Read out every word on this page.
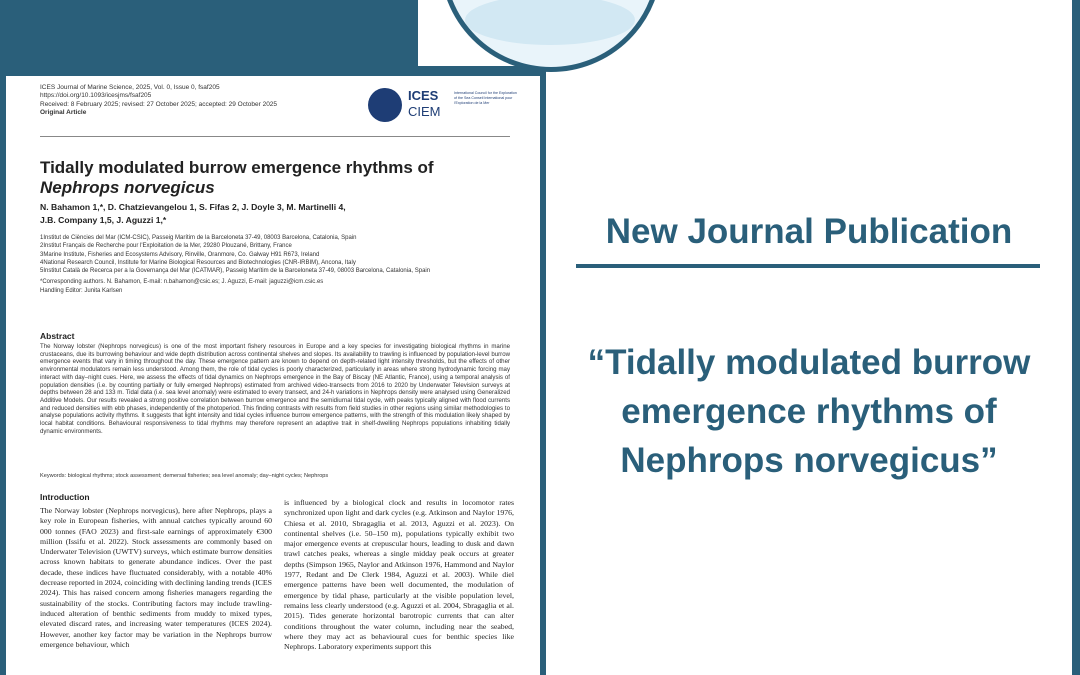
ICES Journal of Marine Science, 2025, Vol. 0, Issue 0, fsaf205
https://doi.org/10.1093/icesjms/fsaf205
Received: 8 February 2025; revised: 27 October 2025; accepted: 29 October 2025
Original Article
ICES
CIEM
International Council for the Exploration of the Sea Conseil International pour l'Exploration de la Mer
Tidally modulated burrow emergence rhythms of
Nephrops norvegicus
N. Bahamon 1,*, D. Chatzievangelou 1, S. Fifas 2, J. Doyle 3, M. Martinelli 4,
J.B. Company 1,5, J. Aguzzi 1,*
1Institut de Ciències del Mar (ICM-CSIC), Passeig Marítim de la Barceloneta 37-49, 08003 Barcelona, Catalonia, Spain
2Institut Français de Recherche pour l'Exploitation de la Mer, 29280 Plouzané, Brittany, France
3Marine Institute, Fisheries and Ecosystems Advisory, Rinville, Oranmore, Co. Galway H91 R673, Ireland
4National Research Council, Institute for Marine Biological Resources and Biotechnologies (CNR-IRBIM), Ancona, Italy
5Institut Català de Recerca per a la Governança del Mar (ICATMAR), Passeig Marítim de la Barceloneta 37-49, 08003 Barcelona, Catalonia, Spain
*Corresponding authors. N. Bahamon, E-mail: n.bahamon@csic.es; J. Aguzzi, E-mail: jaguzzi@icm.csic.es
Handling Editor: Junita Karlsen
Abstract
The Norway lobster (Nephrops norvegicus) is one of the most important fishery resources in Europe and a key species for investigating biological rhythms in marine crustaceans, due its burrowing behaviour and wide depth distribution across continental shelves and slopes. Its availability to trawling is influenced by population-level burrow emergence events that vary in timing throughout the day. These emergence pattern are known to depend on depth-related light intensity thresholds, but the effects of other environmental modulators remain less understood. Among them, the role of tidal cycles is poorly characterized, particularly in areas where strong hydrodynamic forcing may interact with day–night cues. Here, we assess the effects of tidal dynamics on Nephrops emergence in the Bay of Biscay (NE Atlantic, France), using a temporal analysis of population densities (i.e. by counting partially or fully emerged Nephrops) estimated from archived video-transects from 2016 to 2020 by Underwater Television surveys at depths between 28 and 133 m. Tidal data (i.e. sea level anomaly) were estimated to every transect, and 24-h variations in Nephrops density were analysed using Generalized Additive Models. Our results revealed a strong positive correlation between burrow emergence and the semidiurnal tidal cycle, with peaks typically aligned with flood currents and reduced densities with ebb phases, independently of the photoperiod. This finding contrasts with results from field studies in other regions using similar methodologies to analyse populations activity rhythms. It suggests that light intensity and tidal cycles influence burrow emergence patterns, with the strength of this modulation likely shaped by local habitat conditions. Behavioural responsiveness to tidal rhythms may therefore represent an adaptive trait in shelf-dwelling Nephrops populations inhabiting tidally dynamic environments.
Keywords: biological rhythms; stock assessment; demersal fisheries; sea level anomaly; day–night cycles; Nephrops
Introduction
The Norway lobster (Nephrops norvegicus), here after Nephrops, plays a key role in European fisheries, with annual catches typically around 60 000 tonnes (FAO 2023) and first-sale earnings of approximately €300 million (Issifu et al. 2022). Stock assessments are commonly based on Underwater Television (UWTV) surveys, which estimate burrow densities across known habitats to generate abundance indices. Over the past decade, these indices have fluctuated considerably, with a notable 40% decrease reported in 2024, coinciding with declining landing trends (ICES 2024). This has raised concern among fisheries managers regarding the sustainability of the stocks. Contributing factors may include trawling-induced alteration of benthic sediments from muddy to mixed types, elevated discard rates, and increasing water temperatures (ICES 2024). However, another key factor may be variation in the Nephrops burrow emergence behaviour, which
is influenced by a biological clock and results in locomotor rates synchronized upon light and dark cycles (e.g. Atkinson and Naylor 1976, Chiesa et al. 2010, Sbragaglia et al. 2013, Aguzzi et al. 2023). On continental shelves (i.e. 50–150 m), populations typically exhibit two major emergence events at crepuscular hours, leading to dusk and dawn trawl catches peaks, whereas a single midday peak occurs at greater depths (Simpson 1965, Naylor and Atkinson 1976, Hammond and Naylor 1977, Redant and De Clerk 1984, Aguzzi et al. 2003). While diel emergence patterns have been well documented, the modulation of emergence by tidal phase, particularly at the visible population level, remains less clearly understood (e.g. Aguzzi et al. 2004, Sbragaglia et al. 2015). Tides generate horizontal barotropic currents that can alter conditions throughout the water column, including near the seabed, where they may act as behavioural cues for benthic species like Nephrops. Laboratory experiments support this
New Journal Publication
“Tidally modulated burrow emergence rhythms of Nephrops norvegicus”
